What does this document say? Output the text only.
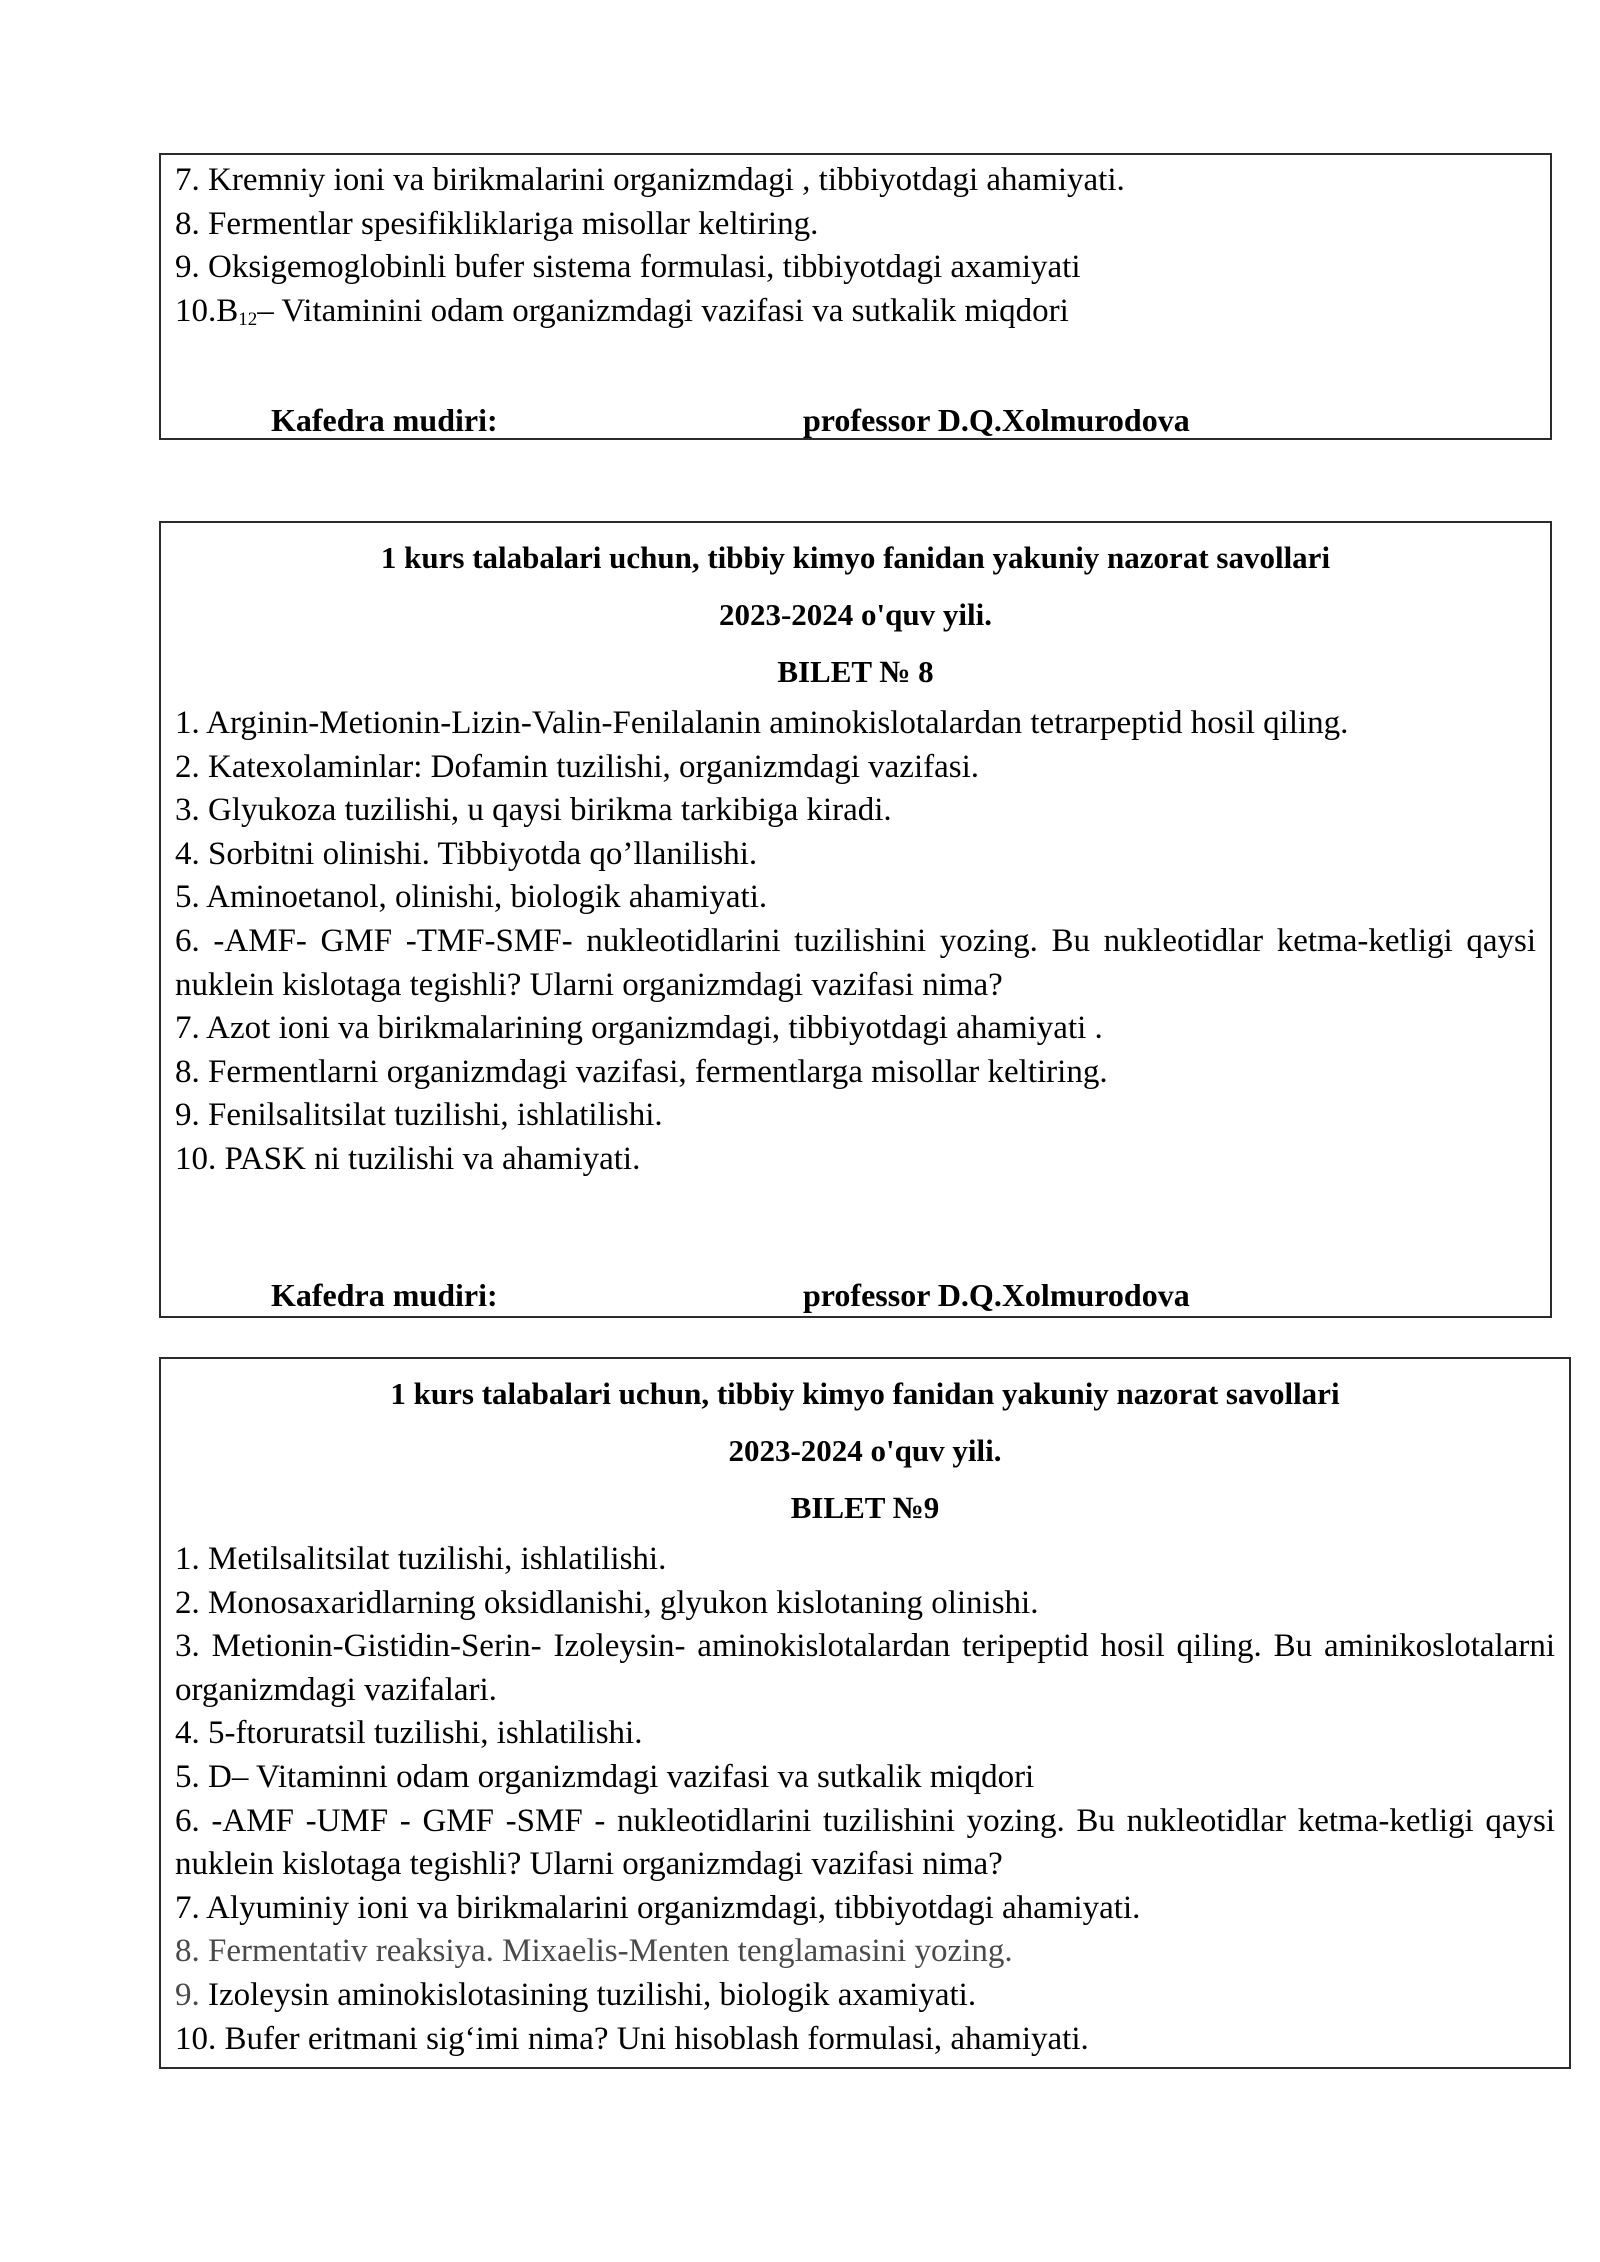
7. Kremniy ioni va birikmalarini organizmdagi , tibbiyotdagi ahamiyati.

8. Fermentlar spesifikliklariga misollar keltiring.

9. Oksigemoglobinli bufer sistema formulasi, tibbiyotdagi axamiyati

$10.B_{12}-$ Vitaminini odam organizmdagi vazifasi va sutkalik miqdori

Kafedra mudiri:	professor D.Q.Xolmurodova

1 kurs talabalari uchun, tibbiy kimyo fanidan yakuniy nazorat savollari

2023-2024 o'quv yili.

BILET № 8

1. Arginin-Metionin-Lizin-Valin-Fenilalanin aminokislotalardan tetrarpeptid hosil qiling.

2. Katexolaminlar: Dofamin tuzilishi, organizmdagi vazifasi.

3. Glyukoza tuzilishi, u qaysi birikma tarkibiga kiradi.

4. Sorbitni olinishi. Tibbiyotda qo’llanilishi.

5. Aminoetanol, olinishi, biologik ahamiyati.

6. -AMF- GMF -TMF-SMF- nukleotidlarini tuzilishini yozing. Bu nukleotidlar ketma-ketligi qaysi nuklein kislotaga tegishli? Ularni organizmdagi vazifasi nima?

7. Azot ioni va birikmalarining organizmdagi, tibbiyotdagi ahamiyati .

8. Fermentlarni organizmdagi vazifasi, fermentlarga misollar keltiring.

9. Fenilsalitsilat tuzilishi, ishlatilishi.

10. PASK ni tuzilishi va ahamiyati.

Kafedra mudiri:	professor D.Q.Xolmurodova

1 kurs talabalari uchun, tibbiy kimyo fanidan yakuniy nazorat savollari

2023-2024 o'quv yili.

BILET №9

1. Metilsalitsilat tuzilishi, ishlatilishi.

2. Monosaxaridlarning oksidlanishi, glyukon kislotaning olinishi.

3. Metionin-Gistidin-Serin- Izoleysin- aminokislotalardan teripeptid hosil qiling. Bu aminikoslotalarni organizmdagi vazifalari.

4. 5-ftoruratsil tuzilishi, ishlatilishi.

5. D– Vitaminni odam organizmdagi vazifasi va sutkalik miqdori

6. -AMF -UMF - GMF -SMF - nukleotidlarini tuzilishini yozing. Bu nukleotidlar ketma-ketligi qaysi nuklein kislotaga tegishli? Ularni organizmdagi vazifasi nima?

7. Alyuminiy ioni va birikmalarini organizmdagi, tibbiyotdagi ahamiyati.

8. Fermentativ reaksiya. Mixaelis-Menten tenglamasini yozing.

9. Izoleysin aminokislotasining tuzilishi, biologik axamiyati.

10. Bufer eritmani sig‘imi nima? Uni hisoblash formulasi, ahamiyati.
